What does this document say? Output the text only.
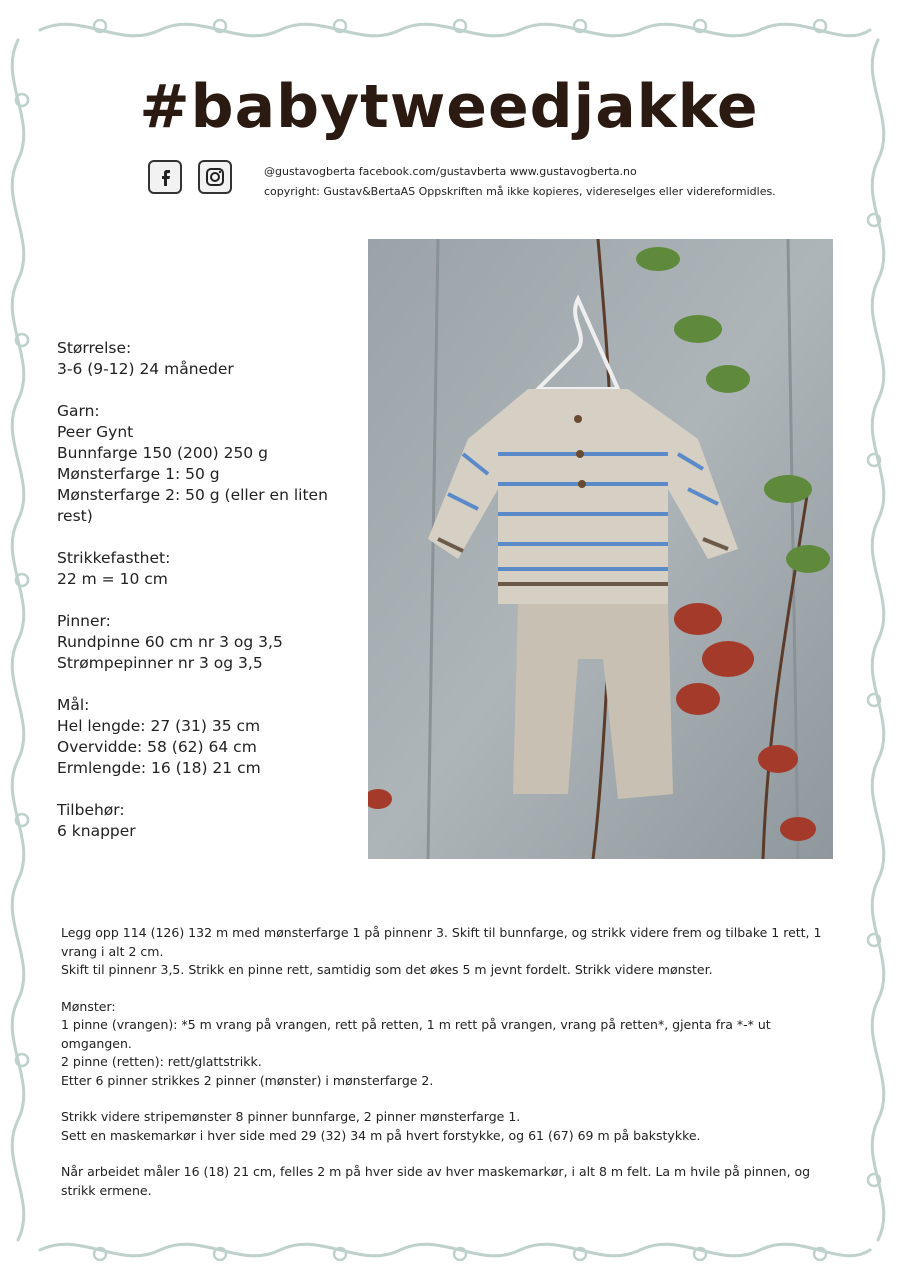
#babytweedjakke
@gustavogberta facebook.com/gustavberta www.gustavogberta.no
copyright: Gustav&BertaAS Oppskriften må ikke kopieres, videreselges eller videreformidles.
Størrelse:
3-6 (9-12) 24 måneder
Garn:
Peer Gynt
Bunnfarge 150 (200) 250 g
Mønsterfarge 1: 50 g
Mønsterfarge 2: 50 g (eller en liten rest)
Strikkefasthet:
22 m = 10 cm
Pinner:
Rundpinne 60 cm nr 3 og 3,5
Strømpepinner nr 3 og 3,5
Mål:
Hel lengde: 27 (31) 35 cm
Overvidde: 58 (62) 64 cm
Ermlengde: 16 (18) 21 cm
Tilbehør:
6 knapper

Legg opp 114 (126) 132 m med mønsterfarge 1 på pinnenr 3. Skift til bunnfarge, og strikk videre frem og tilbake 1 rett, 1 vrang i alt 2 cm.
Skift til pinnenr 3,5. Strikk en pinne rett, samtidig som det økes 5 m jevnt fordelt. Strikk videre mønster.

Mønster:
1 pinne (vrangen): *5 m vrang på vrangen, rett på retten, 1 m rett på vrangen, vrang på retten*, gjenta fra *-* ut omgangen.
2 pinne (retten): rett/glattstrikk.
Etter 6 pinner strikkes 2 pinner (mønster) i mønsterfarge 2.

Strikk videre stripemønster 8 pinner bunnfarge, 2 pinner mønsterfarge 1.
Sett en maskemarkør i hver side med 29 (32) 34 m på hvert forstykke, og 61 (67) 69 m på bakstykke.

Når arbeidet måler 16 (18) 21 cm, felles 2 m på hver side av hver maskemarkør, i alt 8 m felt. La m hvile på pinnen, og strikk ermene.
